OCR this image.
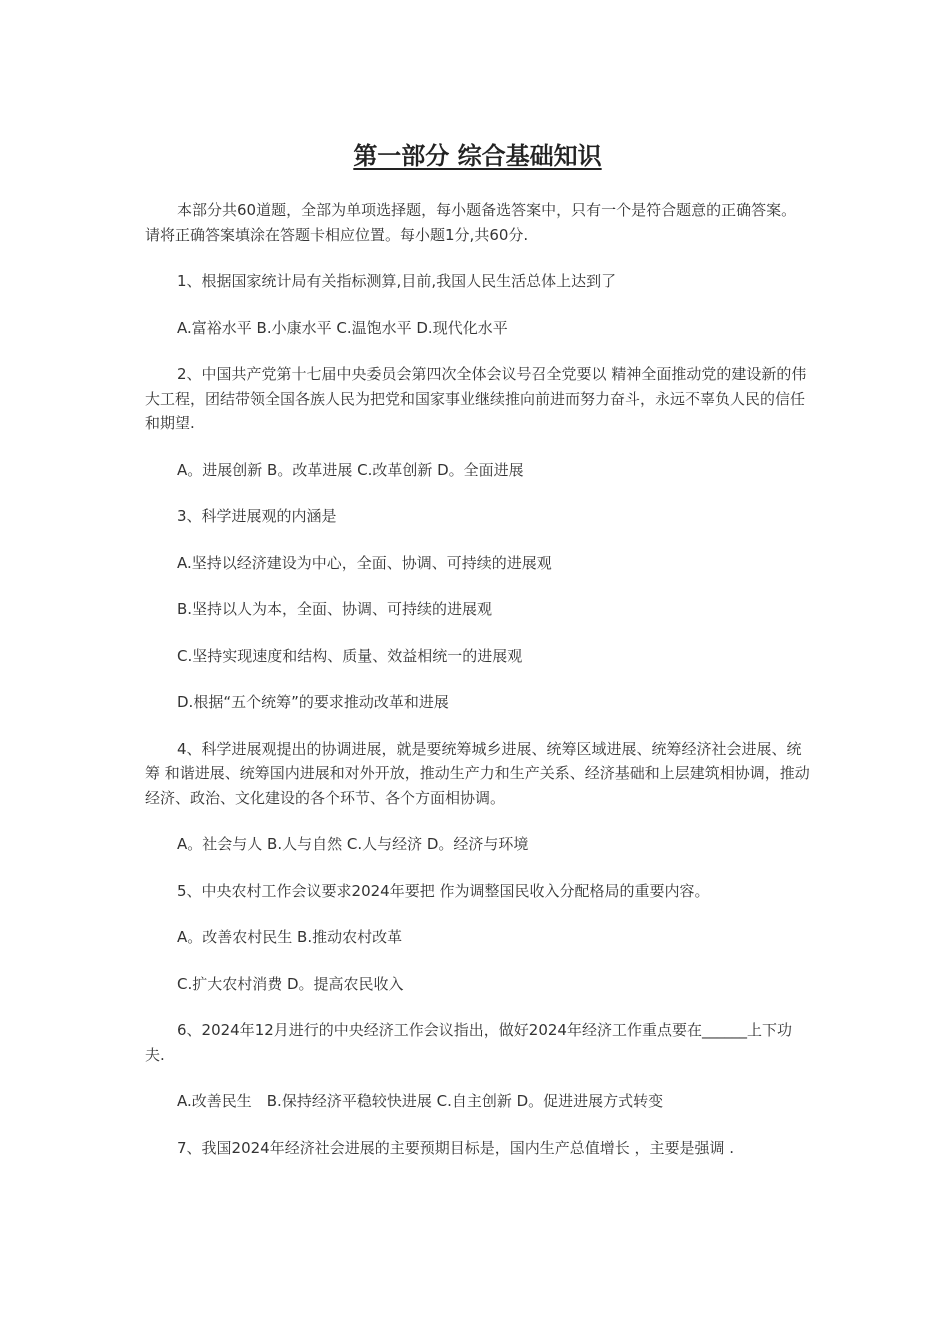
第一部分 综合基础知识

本部分共60道题，全部为单项选择题，每小题备选答案中，只有一个是符合题意的正确答案。请将正确答案填涂在答题卡相应位置。每小题1分,共60分.

1、根据国家统计局有关指标测算,目前,我国人民生活总体上达到了

A.富裕水平 B.小康水平 C.温饱水平 D.现代化水平

2、中国共产党第十七届中央委员会第四次全体会议号召全党要以 精神全面推动党的建设新的伟大工程，团结带领全国各族人民为把党和国家事业继续推向前进而努力奋斗，永远不辜负人民的信任和期望.

A。进展创新 B。改革进展 C.改革创新 D。全面进展

3、科学进展观的内涵是

A.坚持以经济建设为中心，全面、协调、可持续的进展观

B.坚持以人为本，全面、协调、可持续的进展观

C.坚持实现速度和结构、质量、效益相统一的进展观

D.根据“五个统筹”的要求推动改革和进展

4、科学进展观提出的协调进展，就是要统筹城乡进展、统筹区域进展、统筹经济社会进展、统筹 和谐进展、统筹国内进展和对外开放，推动生产力和生产关系、经济基础和上层建筑相协调，推动经济、政治、文化建设的各个环节、各个方面相协调。

A。社会与人 B.人与自然 C.人与经济 D。经济与环境

5、中央农村工作会议要求2024年要把 作为调整国民收入分配格局的重要内容。

A。改善农村民生 B.推动农村改革

C.扩大农村消费 D。提高农民收入

6、2024年12月进行的中央经济工作会议指出，做好2024年经济工作重点要在______上下功夫.

A.改善民生　B.保持经济平稳较快进展 C.自主创新 D。促进进展方式转变

7、我国2024年经济社会进展的主要预期目标是，国内生产总值增长 ，主要是强调 .
